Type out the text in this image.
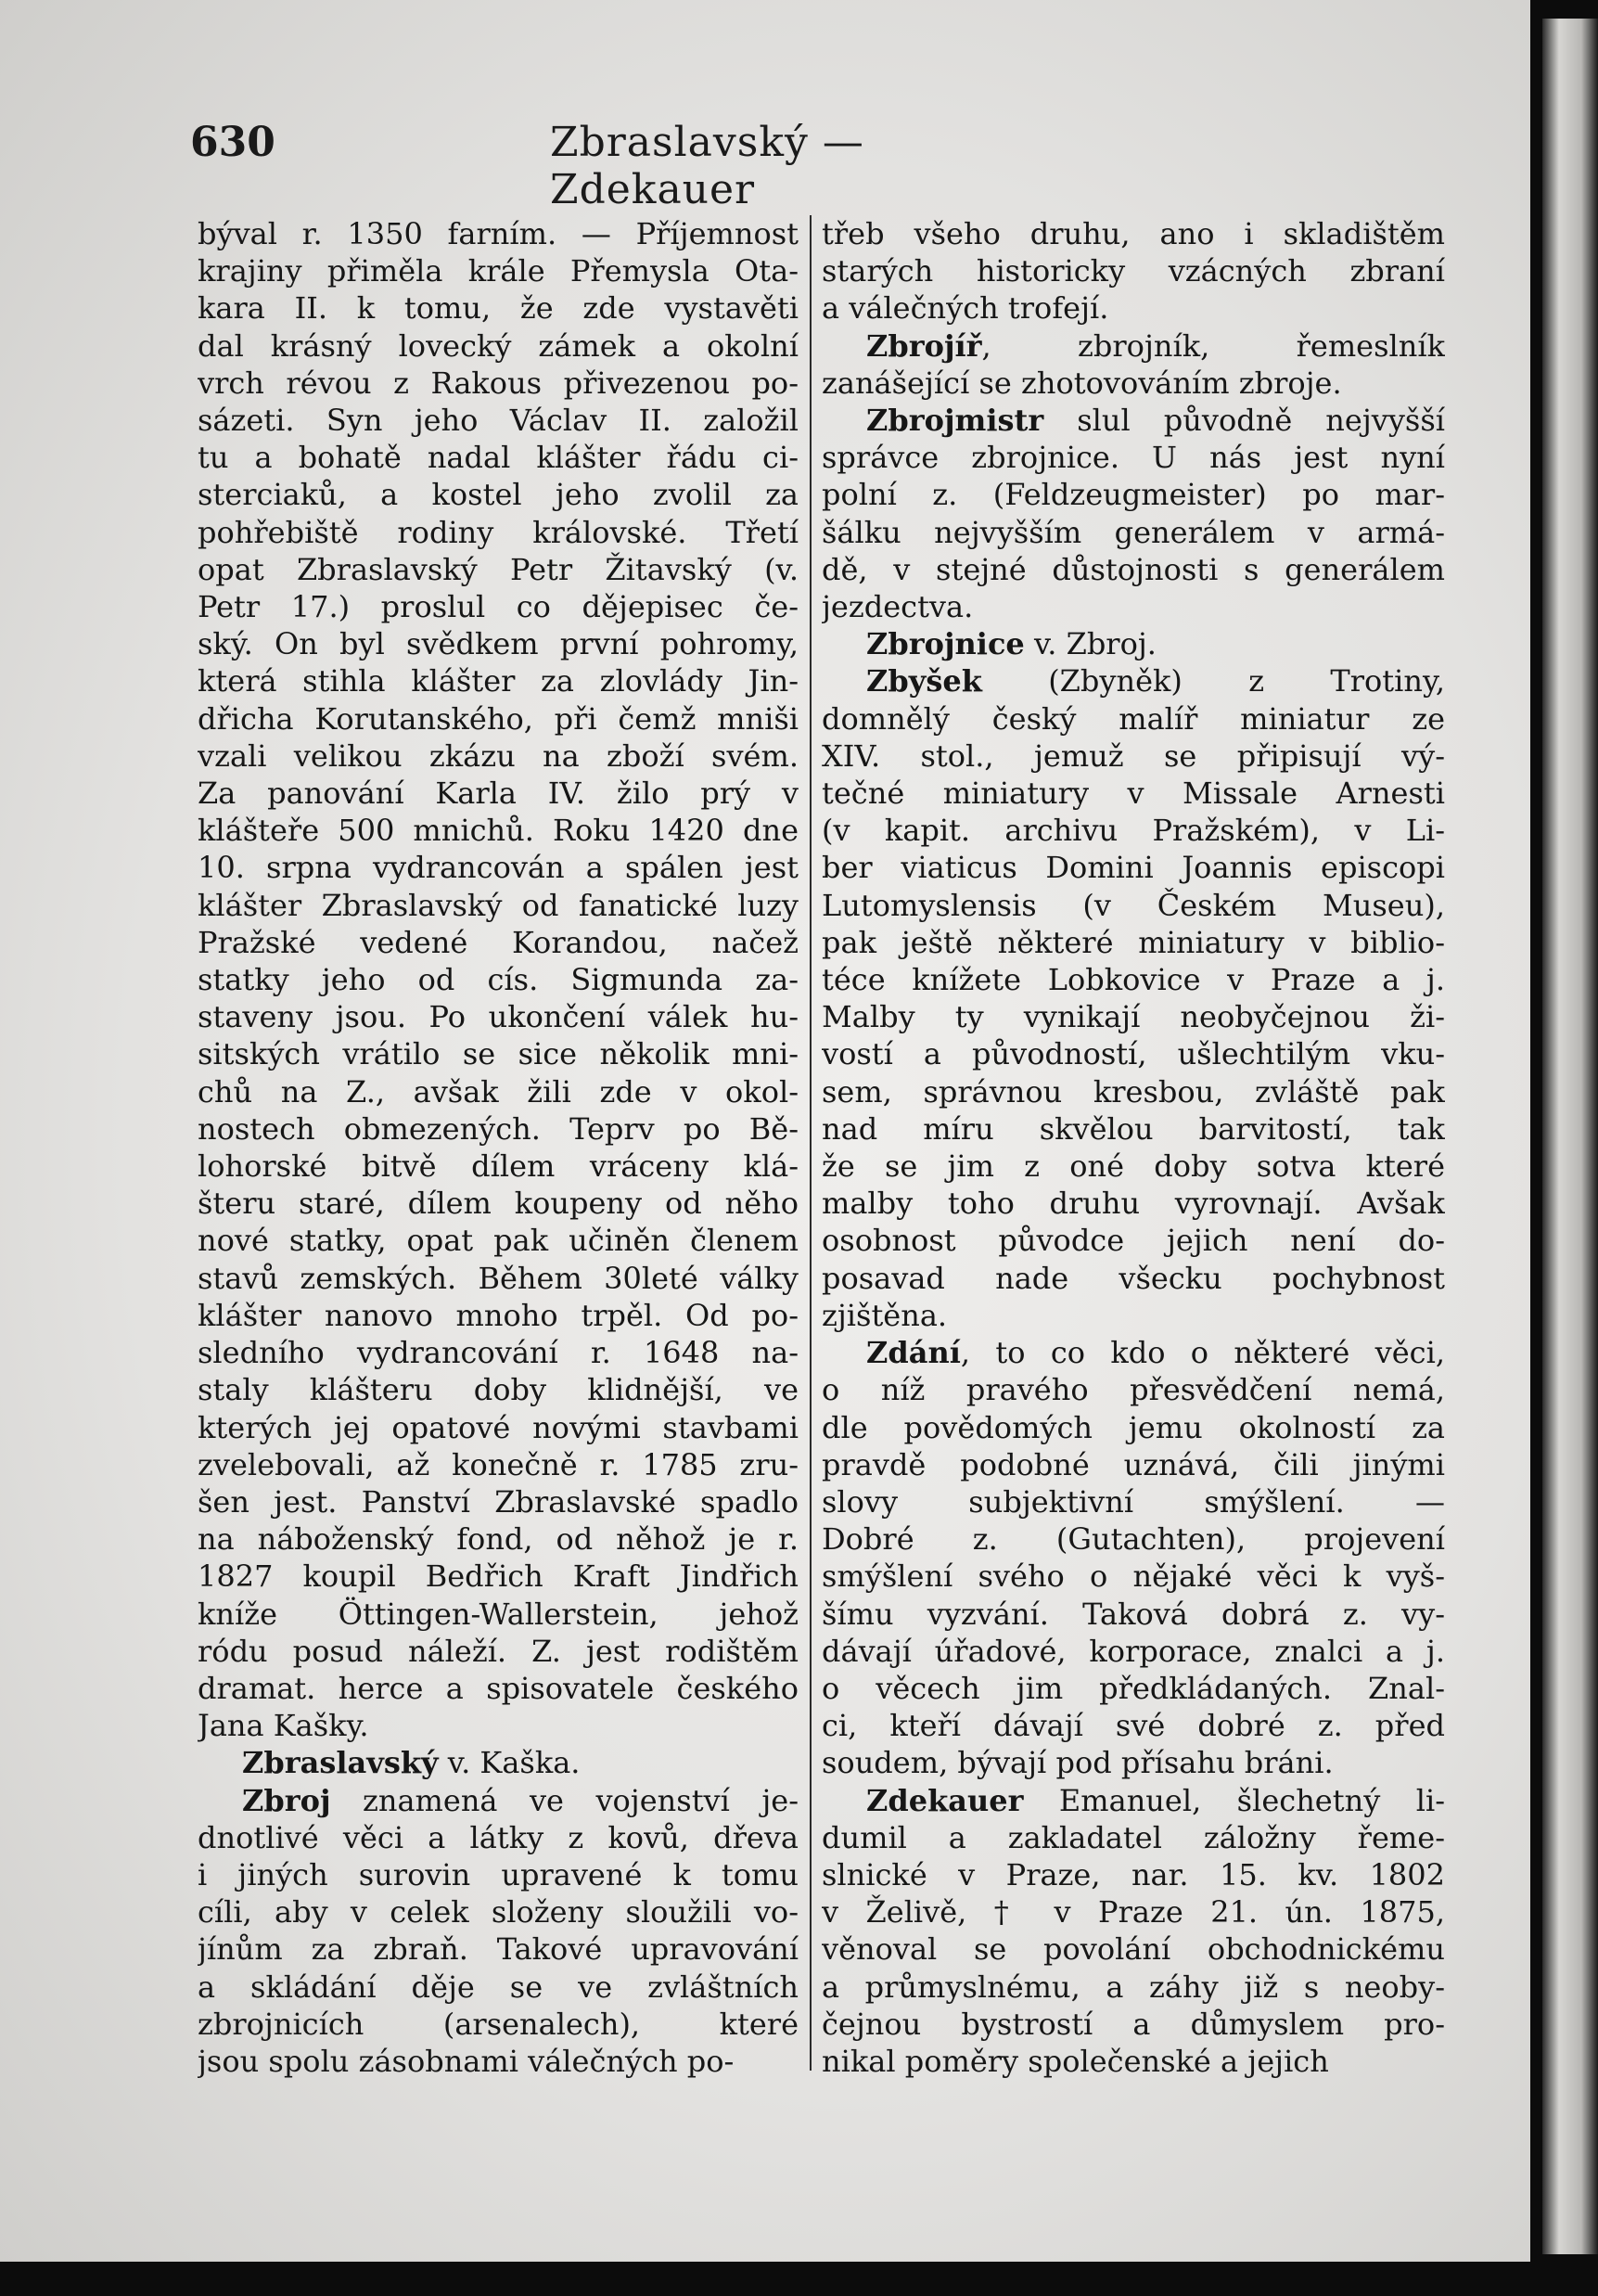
630	Zbraslavský — Zdekauer

býval r. 1350 farním. — Příjemnost

krajiny přiměla krále Přemysla Ota-

kara II. k tomu, že zde vystavěti

dal krásný lovecký zámek a okolní

vrch révou z Rakous přivezenou po-

sázeti. Syn jeho Václav II. založil

tu a bohatě nadal klášter řádu ci-

sterciaků, a kostel jeho zvolil za

pohřebiště rodiny královské. Třetí

opat Zbraslavský Petr Žitavský (v.

Petr 17.) proslul co dějepisec če-

ský. On byl svědkem první pohromy,

která stihla klášter za zlovlády Jin-

dřicha Korutanského, při čemž mniši

vzali velikou zkázu na zboží svém.

Za panování Karla IV. žilo prý v

klášteře 500 mnichů. Roku 1420 dne

10. srpna vydrancován a spálen jest

klášter Zbraslavský od fanatické luzy

Pražské vedené Korandou, načež

statky jeho od cís. Sigmunda za-

staveny jsou. Po ukončení válek hu-

sitských vrátilo se sice několik mni-

chů na Z., avšak žili zde v okol-

nostech obmezených. Teprv po Bě-

lohorské bitvě dílem vráceny klá-

šteru staré, dílem koupeny od něho

nové statky, opat pak učiněn členem

stavů zemských. Během 30leté války

klášter nanovo mnoho trpěl. Od po-

sledního vydrancování r. 1648 na-

staly klášteru doby klidnější, ve

kterých jej opatové novými stavbami

zvelebovali, až konečně r. 1785 zru-

šen jest. Panství Zbraslavské spadlo

na náboženský fond, od něhož je r.

1827 koupil Bedřich Kraft Jindřich

kníže Öttingen-Wallerstein, jehož

ródu posud náleží. Z. jest rodištěm

dramat. herce a spisovatele českého

Jana Kašky.

Zbraslavský v. Kaška.

Zbroj znamená ve vojenství je-

dnotlivé věci a látky z kovů, dřeva

i jiných surovin upravené k tomu

cíli, aby v celek složeny sloužili vo-

jínům za zbraň. Takové upravování

a skládání děje se ve zvláštních

zbrojnicích (arsenalech), které

jsou spolu zásobnami válečných po-

třeb všeho druhu, ano i skladištěm

starých historicky vzácných zbraní

a válečných trofejí.

Zbrojíř, zbrojník, řemeslník

zanášející se zhotovováním zbroje.

Zbrojmistr slul původně nejvyšší

správce zbrojnice. U nás jest nyní

polní z. (Feldzeugmeister) po mar-

šálku nejvyšším generálem v armá-

dě, v stejné důstojnosti s generálem

jezdectva.

Zbrojnice v. Zbroj.

Zbyšek (Zbyněk) z Trotiny,

domnělý český malíř miniatur ze

XIV. stol., jemuž se připisují vý-

tečné miniatury v Missale Arnesti

(v kapit. archivu Pražském), v Li-

ber viaticus Domini Joannis episcopi

Lutomyslensis (v Českém Museu),

pak ještě některé miniatury v biblio-

téce knížete Lobkovice v Praze a j.

Malby ty vynikají neobyčejnou ži-

vostí a původností, ušlechtilým vku-

sem, správnou kresbou, zvláště pak

nad míru skvělou barvitostí, tak

že se jim z oné doby sotva které

malby toho druhu vyrovnají. Avšak

osobnost původce jejich není do-

posavad nade všecku pochybnost

zjištěna.

Zdání, to co kdo o některé věci,

o níž pravého přesvědčení nemá,

dle povědomých jemu okolností za

pravdě podobné uznává, čili jinými

slovy subjektivní smýšlení. —

Dobré z. (Gutachten), projevení

smýšlení svého o nějaké věci k vyš-

šímu vyzvání. Taková dobrá z. vy-

dávají úřadové, korporace, znalci a j.

o věcech jim předkládaných. Znal-

ci, kteří dávají své dobré z. před

soudem, bývají pod přísahu bráni.

Zdekauer Emanuel, šlechetný li-

dumil a zakladatel záložny řeme-

slnické v Praze, nar. 15. kv. 1802

v Želivě, † v Praze 21. ún. 1875,

věnoval se povolání obchodnickému

a průmyslnému, a záhy již s neoby-

čejnou bystrostí a důmyslem pro-

nikal poměry společenské a jejich
